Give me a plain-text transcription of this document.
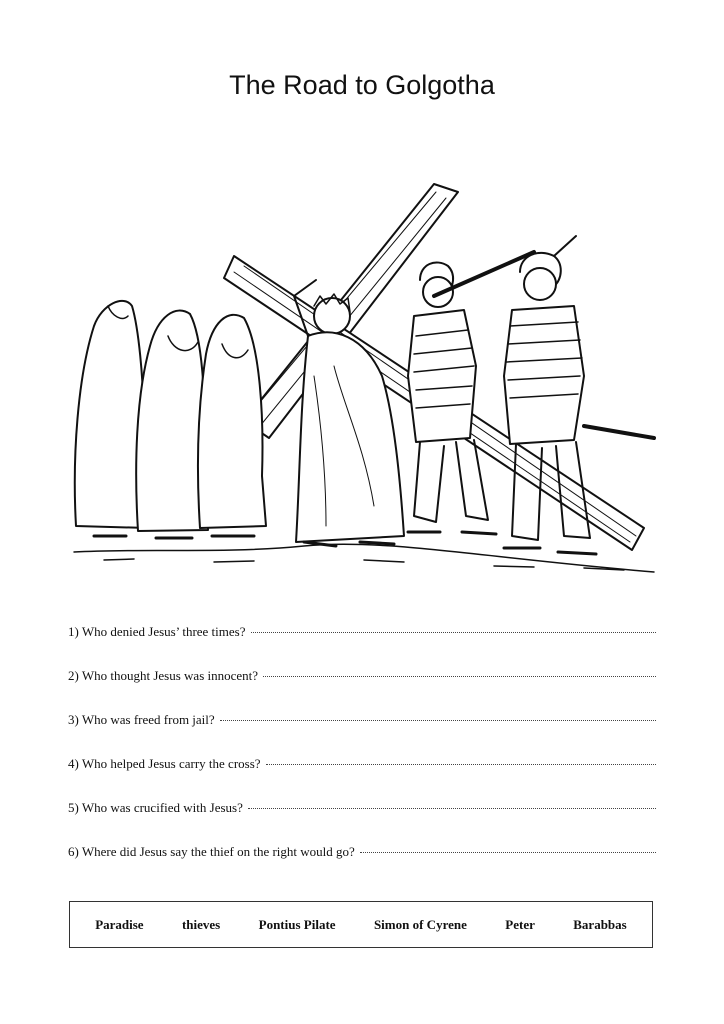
The Road to Golgotha
1) Who denied Jesus’ three times?
2) Who thought Jesus was innocent?
3) Who was freed from jail?
4) Who helped Jesus carry the cross?
5) Who was crucified with Jesus?
6) Where did Jesus say the thief on the right would go?
Paradise	thieves	Pontius Pilate	Simon of Cyrene	Peter	Barabbas
